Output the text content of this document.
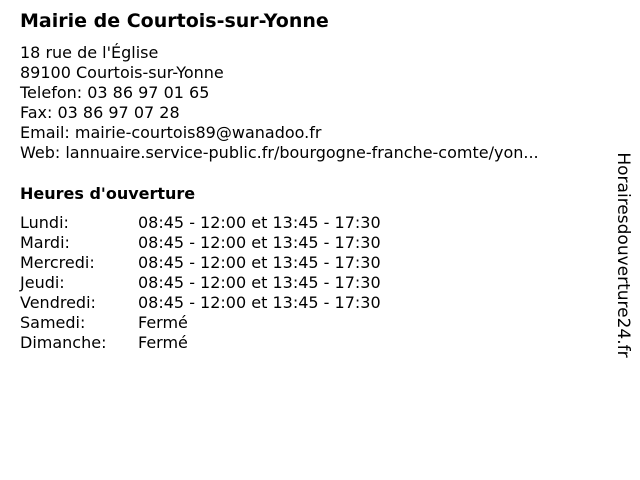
Mairie de Courtois-sur-Yonne
18 rue de l'Église
89100 Courtois-sur-Yonne
Telefon: 03 86 97 01 65
Fax: 03 86 97 07 28
Email: mairie-courtois89@wanadoo.fr
Web: lannuaire.service-public.fr/bourgogne-franche-comte/yon...
Heures d'ouverture
Lundi:	08:45 - 12:00 et 13:45 - 17:30
Mardi:	08:45 - 12:00 et 13:45 - 17:30
Mercredi:	08:45 - 12:00 et 13:45 - 17:30
Jeudi:	08:45 - 12:00 et 13:45 - 17:30
Vendredi:	08:45 - 12:00 et 13:45 - 17:30
Samedi:	Fermé
Dimanche: Fermé	Horairesdouverture24.fr
